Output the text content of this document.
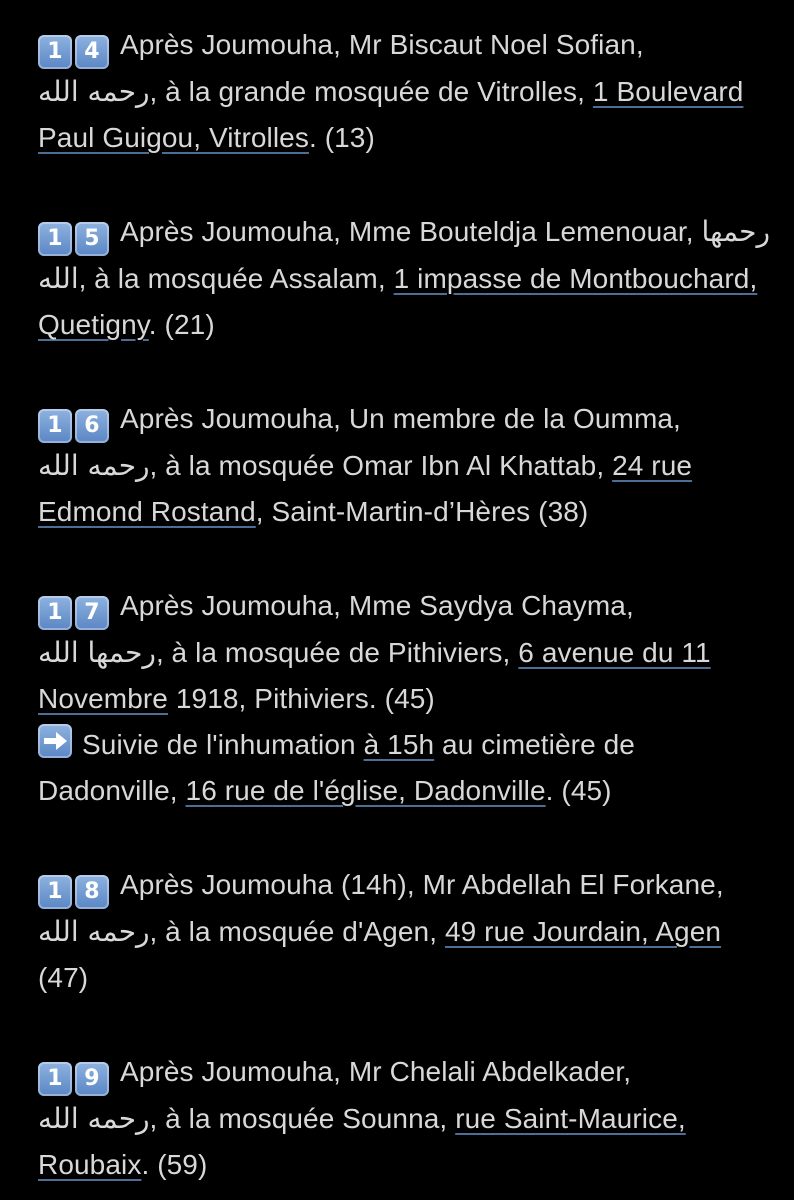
1 4 Après Joumouha, Mr Biscaut Noel Sofian,
رحمه الله, à la grande mosquée de Vitrolles, 1 Boulevard Paul Guigou, Vitrolles. (13)
1 5 Après Joumouha, Mme Bouteldja Lemenouar, رحمها الله, à la mosquée Assalam, 1 impasse de Montbouchard, Quetigny. (21)
1 6 Après Joumouha, Un membre de la Oumma,
رحمه الله, à la mosquée Omar Ibn Al Khattab, 24 rue Edmond Rostand, Saint-Martin-d’Hères (38)
1 7 Après Joumouha, Mme Saydya Chayma,
رحمها الله, à la mosquée de Pithiviers, 6 avenue du 11 Novembre 1918, Pithiviers. (45)
Suivie de l'inhumation à 15h au cimetière de Dadonville, 16 rue de l'église, Dadonville. (45)
1 8 Après Joumouha (14h), Mr Abdellah El Forkane, رحمه الله, à la mosquée d'Agen, 49 rue Jourdain, Agen (47)
1 9 Après Joumouha, Mr Chelali Abdelkader,
رحمه الله, à la mosquée Sounna, rue Saint-Maurice, Roubaix. (59)
